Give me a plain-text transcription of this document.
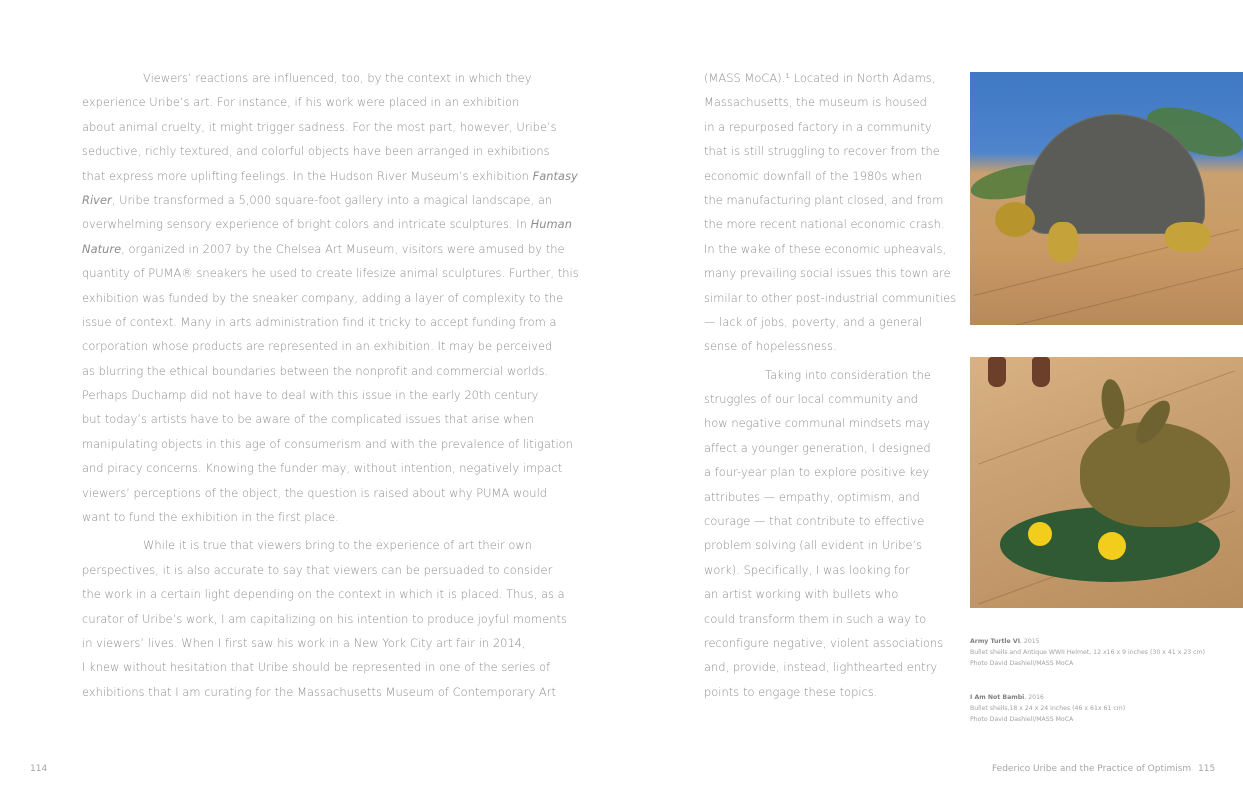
Viewers’ reactions are influenced, too, by the context in which they
experience Uribe’s art. For instance, if his work were placed in an exhibition
about animal cruelty, it might trigger sadness. For the most part, however, Uribe’s
seductive, richly textured, and colorful objects have been arranged in exhibitions
that express more uplifting feelings. In the Hudson River Museum’s exhibition Fantasy
River, Uribe transformed a 5,000 square-foot gallery into a magical landscape, an
overwhelming sensory experience of bright colors and intricate sculptures. In Human
Nature, organized in 2007 by the Chelsea Art Museum, visitors were amused by the
quantity of PUMA® sneakers he used to create lifesize animal sculptures. Further, this
exhibition was funded by the sneaker company, adding a layer of complexity to the
issue of context. Many in arts administration find it tricky to accept funding from a
corporation whose products are represented in an exhibition. It may be perceived
as blurring the ethical boundaries between the nonprofit and commercial worlds.
Perhaps Duchamp did not have to deal with this issue in the early 20th century
but today’s artists have to be aware of the complicated issues that arise when
manipulating objects in this age of consumerism and with the prevalence of litigation
and piracy concerns. Knowing the funder may, without intention, negatively impact
viewers’ perceptions of the object, the question is raised about why PUMA would
want to fund the exhibition in the first place.
While it is true that viewers bring to the experience of art their own
perspectives, it is also accurate to say that viewers can be persuaded to consider
the work in a certain light depending on the context in which it is placed. Thus, as a
curator of Uribe’s work, I am capitalizing on his intention to produce joyful moments
in viewers’ lives. When I first saw his work in a New York City art fair in 2014,
I knew without hesitation that Uribe should be represented in one of the series of
exhibitions that I am curating for the Massachusetts Museum of Contemporary Art
114
(MASS MoCA).¹ Located in North Adams,
Massachusetts, the museum is housed
in a repurposed factory in a community
that is still struggling to recover from the
economic downfall of the 1980s when
the manufacturing plant closed, and from
the more recent national economic crash.
In the wake of these economic upheavals,
many prevailing social issues this town are
similar to other post-industrial communities
— lack of jobs, poverty, and a general
sense of hopelessness.
Taking into consideration the
struggles of our local community and
how negative communal mindsets may
affect a younger generation, I designed
a four-year plan to explore positive key
attributes — empathy, optimism, and
courage — that contribute to effective
problem solving (all evident in Uribe’s
work). Specifically, I was looking for
an artist working with bullets who
could transform them in such a way to
reconfigure negative, violent associations
and, provide, instead, lighthearted entry
points to engage these topics.
Army Turtle VI, 2015
Bullet shells and Antique WWII Helmet, 12 x16 x 9 inches (30 x 41 x 23 cm)
Photo David Dashiell/MASS MoCA
I Am Not Bambi, 2016
Bullet shells,18 x 24 x 24 inches (46 x 61x 61 cm)
Photo David Dashiell/MASS MoCA
Federico Uribe and the Practice of Optimism 115
